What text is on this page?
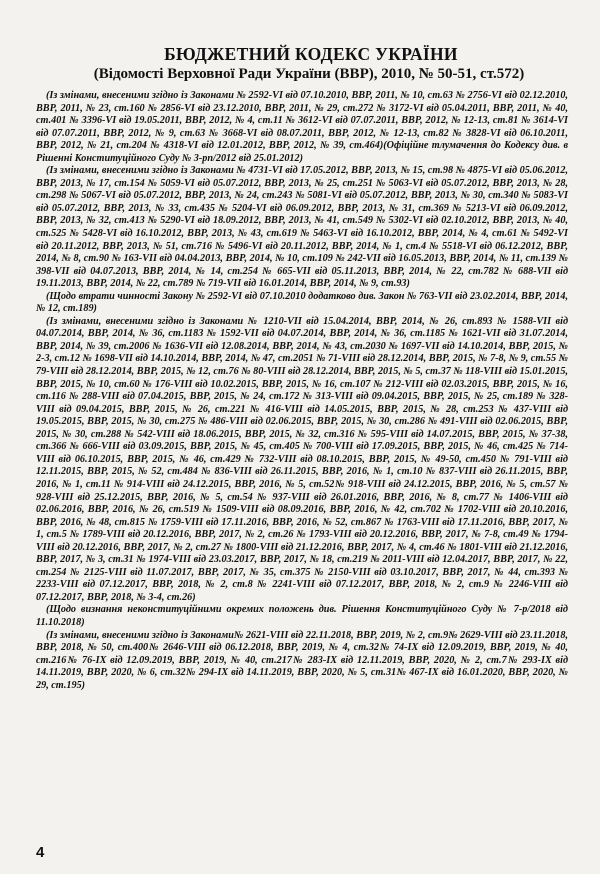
БЮДЖЕТНИЙ КОДЕКС УКРАЇНИ
(Відомості Верховної Ради України (ВВР), 2010, № 50-51, ст.572)

(Із змінами, внесеними згідно із Законами № 2592-VI від 07.10.2010, ВВР, 2011, № 10, ст.63 № 2756-VI від 02.12.2010, ВВР, 2011, № 23, ст.160 № 2856-VI від 23.12.2010, ВВР, 2011, № 29, ст.272 № 3172-VI від 05.04.2011, ВВР, 2011, № 40, ст.401 № 3396-VI від 19.05.2011, ВВР, 2012, № 4, ст.11 № 3612-VI від 07.07.2011, ВВР, 2012, № 12-13, ст.81 № 3614-VI від 07.07.2011, ВВР, 2012, № 9, ст.63 № 3668-VI від 08.07.2011, ВВР, 2012, № 12-13, ст.82 № 3828-VI від 06.10.2011, ВВР, 2012, № 21, ст.204 № 4318-VI від 12.01.2012, ВВР, 2012, № 39, ст.464)(Офіційне тлумачення до Кодексу див. в Рішенні Конституційного Суду № 3-рп/2012 від 25.01.2012)

(Із змінами, внесеними згідно із Законами № 4731-VI від 17.05.2012, ВВР, 2013, № 15, ст.98 № 4875-VI від 05.06.2012, ВВР, 2013, № 17, ст.154 № 5059-VI від 05.07.2012, ВВР, 2013, № 25, ст.251 № 5063-VI від 05.07.2012, ВВР, 2013, № 28, ст.298 № 5067-VI від 05.07.2012, ВВР, 2013, № 24, ст.243 № 5081-VI від 05.07.2012, ВВР, 2013, № 30, ст.340 № 5083-VI від 05.07.2012, ВВР, 2013, № 33, ст.435 № 5204-VI від 06.09.2012, ВВР, 2013, № 31, ст.369 № 5213-VI від 06.09.2012, ВВР, 2013, № 32, ст.413 № 5290-VI від 18.09.2012, ВВР, 2013, № 41, ст.549 № 5302-VI від 02.10.2012, ВВР, 2013, № 40, ст.525 № 5428-VI від 16.10.2012, ВВР, 2013, № 43, ст.619 № 5463-VI від 16.10.2012, ВВР, 2014, № 4, ст.61 № 5492-VI від 20.11.2012, ВВР, 2013, № 51, ст.716 № 5496-VI від 20.11.2012, ВВР, 2014, № 1, ст.4 № 5518-VI від 06.12.2012, ВВР, 2014, № 8, ст.90 № 163-VII від 04.04.2013, ВВР, 2014, № 10, ст.109 № 242-VII від 16.05.2013, ВВР, 2014, № 11, ст.139 № 398-VII від 04.07.2013, ВВР, 2014, № 14, ст.254 № 665-VII від 05.11.2013, ВВР, 2014, № 22, ст.782 № 688-VII від 19.11.2013, ВВР, 2014, № 22, ст.789 № 719-VII від 16.01.2014, ВВР, 2014, № 9, ст.93)

(Щодо втрати чинності Закону № 2592-VI від 07.10.2010 додатково див. Закон № 763-VII від 23.02.2014, ВВР, 2014, № 12, ст.189)

(Із змінами, внесеними згідно із Законами № 1210-VII від 15.04.2014, ВВР, 2014, № 26, ст.893 № 1588-VII від 04.07.2014, ВВР, 2014, № 36, ст.1183 № 1592-VII від 04.07.2014, ВВР, 2014, № 36, ст.1185 № 1621-VII від 31.07.2014, ВВР, 2014, № 39, ст.2006 № 1636-VII від 12.08.2014, ВВР, 2014, № 43, ст.2030 № 1697-VII від 14.10.2014, ВВР, 2015, № 2-3, ст.12 № 1698-VII від 14.10.2014, ВВР, 2014, № 47, ст.2051 № 71-VIII від 28.12.2014, ВВР, 2015, № 7-8, № 9, ст.55 № 79-VIII від 28.12.2014, ВВР, 2015, № 12, ст.76 № 80-VIII від 28.12.2014, ВВР, 2015, № 5, ст.37 № 118-VIII від 15.01.2015, ВВР, 2015, № 10, ст.60 № 176-VIII від 10.02.2015, ВВР, 2015, № 16, ст.107 № 212-VIII від 02.03.2015, ВВР, 2015, № 16, ст.116 № 288-VIII від 07.04.2015, ВВР, 2015, № 24, ст.172 № 313-VIII від 09.04.2015, ВВР, 2015, № 25, ст.189 № 328-VIII від 09.04.2015, ВВР, 2015, № 26, ст.221 № 416-VIII від 14.05.2015, ВВР, 2015, № 28, ст.253 № 437-VIII від 19.05.2015, ВВР, 2015, № 30, ст.275 № 486-VIII від 02.06.2015, ВВР, 2015, № 30, ст.286 № 491-VIII від 02.06.2015, ВВР, 2015, № 30, ст.288 № 542-VIII від 18.06.2015, ВВР, 2015, № 32, ст.316 № 595-VIII від 14.07.2015, ВВР, 2015, № 37-38, ст.366 № 666-VIII від 03.09.2015, ВВР, 2015, № 45, ст.405 № 700-VIII від 17.09.2015, ВВР, 2015, № 46, ст.425 № 714-VIII від 06.10.2015, ВВР, 2015, № 46, ст.429 № 732-VIII від 08.10.2015, ВВР, 2015, № 49-50, ст.450 № 791-VIII від 12.11.2015, ВВР, 2015, № 52, ст.484 № 836-VIII від 26.11.2015, ВВР, 2016, № 1, ст.10 № 837-VIII від 26.11.2015, ВВР, 2016, № 1, ст.11 № 914-VIII від 24.12.2015, ВВР, 2016, № 5, ст.52№ 918-VIII від 24.12.2015, ВВР, 2016, № 5, ст.57 № 928-VIII від 25.12.2015, ВВР, 2016, № 5, ст.54 № 937-VIII від 26.01.2016, ВВР, 2016, № 8, ст.77 № 1406-VIII від 02.06.2016, ВВР, 2016, № 26, ст.519 № 1509-VIII від 08.09.2016, ВВР, 2016, № 42, ст.702 № 1702-VIII від 20.10.2016, ВВР, 2016, № 48, ст.815 № 1759-VIII від 17.11.2016, ВВР, 2016, № 52, ст.867 № 1763-VIII від 17.11.2016, ВВР, 2017, № 1, ст.5 № 1789-VIII від 20.12.2016, ВВР, 2017, № 2, ст.26 № 1793-VIII від 20.12.2016, ВВР, 2017, № 7-8, ст.49 № 1794-VIII від 20.12.2016, ВВР, 2017, № 2, ст.27 № 1800-VIII від 21.12.2016, ВВР, 2017, № 4, ст.46 № 1801-VIII від 21.12.2016, ВВР, 2017, № 3, ст.31 № 1974-VIII від 23.03.2017, ВВР, 2017, № 18, ст.219 № 2011-VIII від 12.04.2017, ВВР, 2017, № 22, ст.254 № 2125-VIII від 11.07.2017, ВВР, 2017, № 35, ст.375 № 2150-VIII від 03.10.2017, ВВР, 2017, № 44, ст.393 № 2233-VIII від 07.12.2017, ВВР, 2018, № 2, ст.8 № 2241-VIII від 07.12.2017, ВВР, 2018, № 2, ст.9 № 2246-VIII від 07.12.2017, ВВР, 2018, № 3-4, ст.26)

(Щодо визнання неконституційними окремих положень див. Рішення Конституційного Суду № 7-р/2018 від 11.10.2018)

(Із змінами, внесеними згідно із Законами№ 2621-VIII від 22.11.2018, ВВР, 2019, № 2, ст.9№ 2629-VIII від 23.11.2018, ВВР, 2018, № 50, ст.400№ 2646-VIII від 06.12.2018, ВВР, 2019, № 4, ст.32№ 74-IX від 12.09.2019, ВВР, 2019, № 40, ст.216№ 76-IX від 12.09.2019, ВВР, 2019, № 40, ст.217№ 283-IX від 12.11.2019, ВВР, 2020, № 2, ст.7№ 293-IX від 14.11.2019, ВВР, 2020, № 6, ст.32№ 294-IX від 14.11.2019, ВВР, 2020, № 5, ст.31№ 467-IX від 16.01.2020, ВВР, 2020, № 29, ст.195)

4
